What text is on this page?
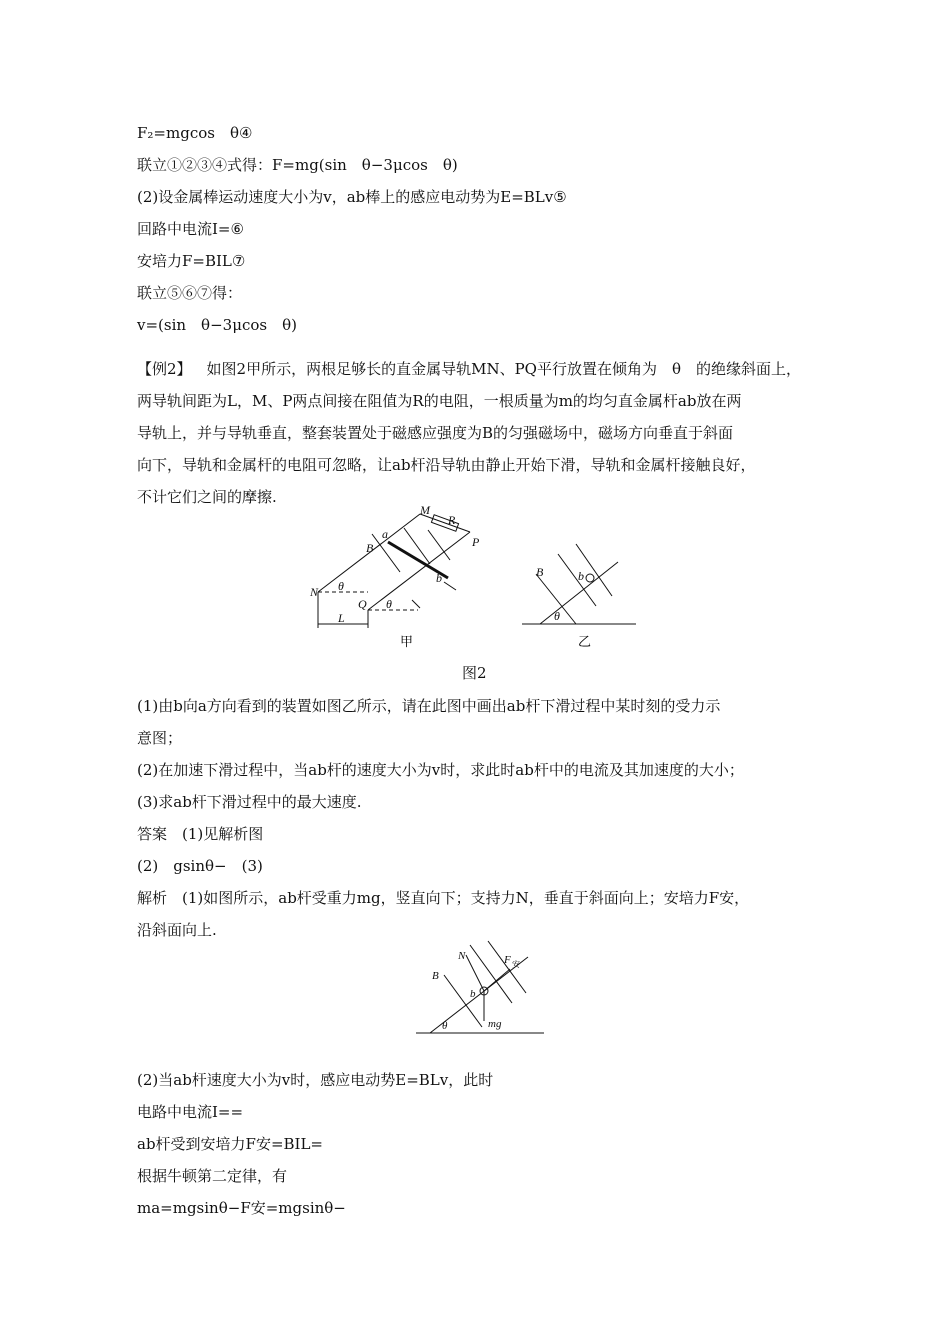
F₂=mgcos θ④
联立①②③④式得：F=mg(sin θ−3μcos θ)
(2)设金属棒运动速度大小为v，ab棒上的感应电动势为E=BLv⑤
回路中电流I=⑥
安培力F=BIL⑦
联立⑤⑥⑦得：
v=(sin θ−3μcos θ)
【例2】 如图2甲所示，两根足够长的直金属导轨MN、PQ平行放置在倾角为 θ 的绝缘斜面上，
两导轨间距为L，M、P两点间接在阻值为R的电阻，一根质量为m的均匀直金属杆ab放在两
导轨上，并与导轨垂直，整套装置处于磁感应强度为B的匀强磁场中，磁场方向垂直于斜面
向下，导轨和金属杆的电阻可忽略，让ab杆沿导轨由静止开始下滑，导轨和金属杆接触良好，
不计它们之间的摩擦.
M
R
P
a
b
B
N
Q
L
θ
θ
B	b
θ
甲	乙
图2
(1)由b向a方向看到的装置如图乙所示，请在此图中画出ab杆下滑过程中某时刻的受力示
意图；
(2)在加速下滑过程中，当ab杆的速度大小为v时，求此时ab杆中的电流及其加速度的大小；
(3)求ab杆下滑过程中的最大速度.
答案 (1)见解析图
(2) gsinθ− (3)
解析 (1)如图所示，ab杆受重力mg，竖直向下；支持力N，垂直于斜面向上；安培力F安，
沿斜面向上.
N	F 安
B
b
mg
θ
(2)当ab杆速度大小为v时，感应电动势E=BLv，此时
电路中电流I==
ab杆受到安培力F安=BIL=
根据牛顿第二定律，有
ma=mgsinθ−F安=mgsinθ−
